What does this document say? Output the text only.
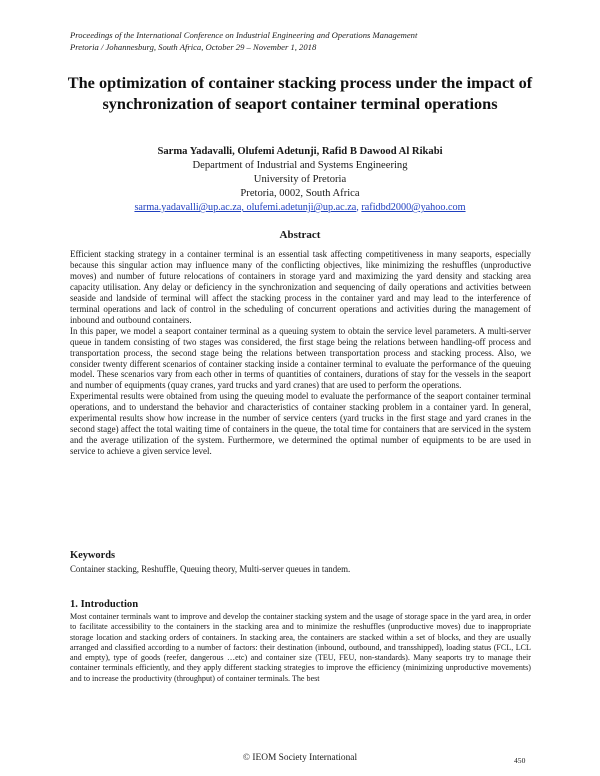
Proceedings of the International Conference on Industrial Engineering and Operations Management
Pretoria / Johannesburg, South Africa, October 29 – November 1, 2018
The optimization of container stacking process under the impact of synchronization of seaport container terminal operations
Sarma Yadavalli, Olufemi Adetunji, Rafid B Dawood Al Rikabi
Department of Industrial and Systems Engineering
University of Pretoria
Pretoria, 0002, South Africa
sarma.yadavalli@up.ac.za, olufemi.adetunji@up.ac.za, rafidbd2000@yahoo.com
Abstract

Efficient stacking strategy in a container terminal is an essential task affecting competitiveness in many seaports, especially because this singular action may influence many of the conflicting objectives, like minimizing the reshuffles (unproductive moves) and number of future relocations of containers in storage yard and maximizing the yard density and stacking area capacity utilisation. Any delay or deficiency in the synchronization and sequencing of daily operations and activities between seaside and landside of terminal will affect the stacking process in the container yard and may lead to the interference of terminal operations and lack of control in the scheduling of concurrent operations and activities during the management of inbound and outbound containers.

In this paper, we model a seaport container terminal as a queuing system to obtain the service level parameters. A multi-server queue in tandem consisting of two stages was considered, the first stage being the relations between handling-off process and transportation process, the second stage being the relations between transportation process and stacking process. Also, we consider twenty different scenarios of container stacking inside a container terminal to evaluate the performance of the queuing model. These scenarios vary from each other in terms of quantities of containers, durations of stay for the vessels in the seaport and number of equipments (quay cranes, yard trucks and yard cranes) that are used to perform the operations.

Experimental results were obtained from using the queuing model to evaluate the performance of the seaport container terminal operations, and to understand the behavior and characteristics of container stacking problem in a container yard. In general, experimental results show how increase in the number of service centers (yard trucks in the first stage and yard cranes in the second stage) affect the total waiting time of containers in the queue, the total time for containers that are serviced in the system and the average utilization of the system. Furthermore, we determined the optimal number of equipments to be are used in service to achieve a given service level.

Keywords
Container stacking, Reshuffle, Queuing theory, Multi-server queues in tandem.
1. Introduction

Most container terminals want to improve and develop the container stacking system and the usage of storage space in the yard area, in order to facilitate accessibility to the containers in the stacking area and to minimize the reshuffles (unproductive moves) due to inappropriate storage location and stacking orders of containers. In stacking area, the containers are stacked within a set of blocks, and they are usually arranged and classified according to a number of factors: their destination (inbound, outbound, and transshipped), loading status (FCL, LCL and empty), type of goods (reefer, dangerous …etc) and container size (TEU, FEU, non-standards). Many seaports try to manage their container terminals efficiently, and they apply different stacking strategies to improve the efficiency (minimizing unproductive movements) and to increase the productivity (throughput) of container terminals. The best

© IEOM Society International	450
